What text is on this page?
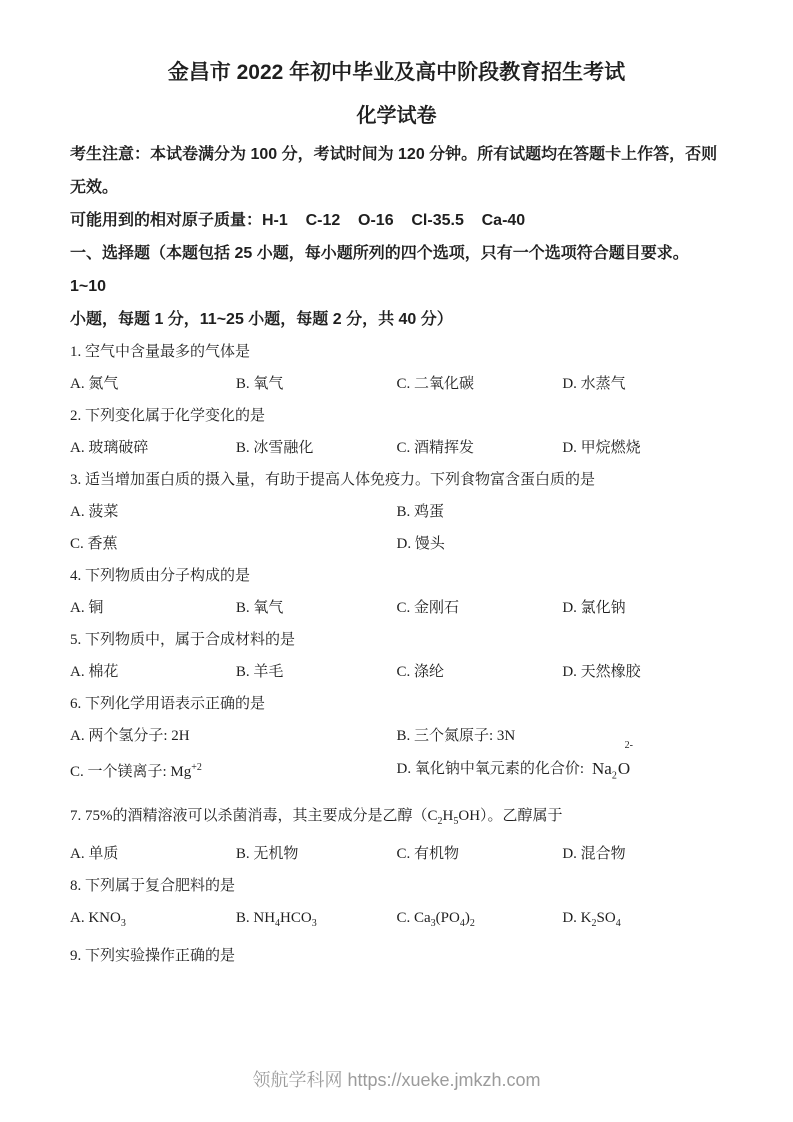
金昌市 2022 年初中毕业及高中阶段教育招生考试
化学试卷
考生注意：本试卷满分为 100 分，考试时间为 120 分钟。所有试题均在答题卡上作答，否则
无效。
可能用到的相对原子质量：H-1    C-12    O-16    Cl-35.5    Ca-40
一、选择题（本题包括 25 小题，每小题所列的四个选项，只有一个选项符合题目要求。1~10
小题，每题 1 分，11~25 小题，每题 2 分，共 40 分）
1. 空气中含量最多的气体是
A. 氮气	B. 氧气	C. 二氧化碳	D. 水蒸气
2. 下列变化属于化学变化的是
A. 玻璃破碎	B. 冰雪融化	C. 酒精挥发	D. 甲烷燃烧
3. 适当增加蛋白质的摄入量，有助于提高人体免疫力。下列食物富含蛋白质的是
A. 菠菜	B. 鸡蛋
C. 香蕉	D. 馒头
4. 下列物质由分子构成的是
A. 铜	B. 氧气	C. 金刚石	D. 氯化钠
5. 下列物质中，属于合成材料的是
A. 棉花	B. 羊毛	C. 涤纶	D. 天然橡胶
6. 下列化学用语表示正确的是
A. 两个氢分子: 2H	B. 三个氮原子: 3N
C. 一个镁离子: $Mg^{+2}$	D. 氧化钠中氧元素的化合价: $Na_2$
2-
O
7. 75%的酒精溶液可以杀菌消毒，其主要成分是乙醇$(C_2H_5OH)$。乙醇属于
A. 单质	B. 无机物	C. 有机物	D. 混合物
8. 下列属于复合肥料的是
A. $KNO_3$	B. $NH_4HCO_3$	C. $Ca_3(PO_4)_2$	D. $K_2SO_4$
9. 下列实验操作正确的是
领航学科网 https://xueke.jmkzh.com
